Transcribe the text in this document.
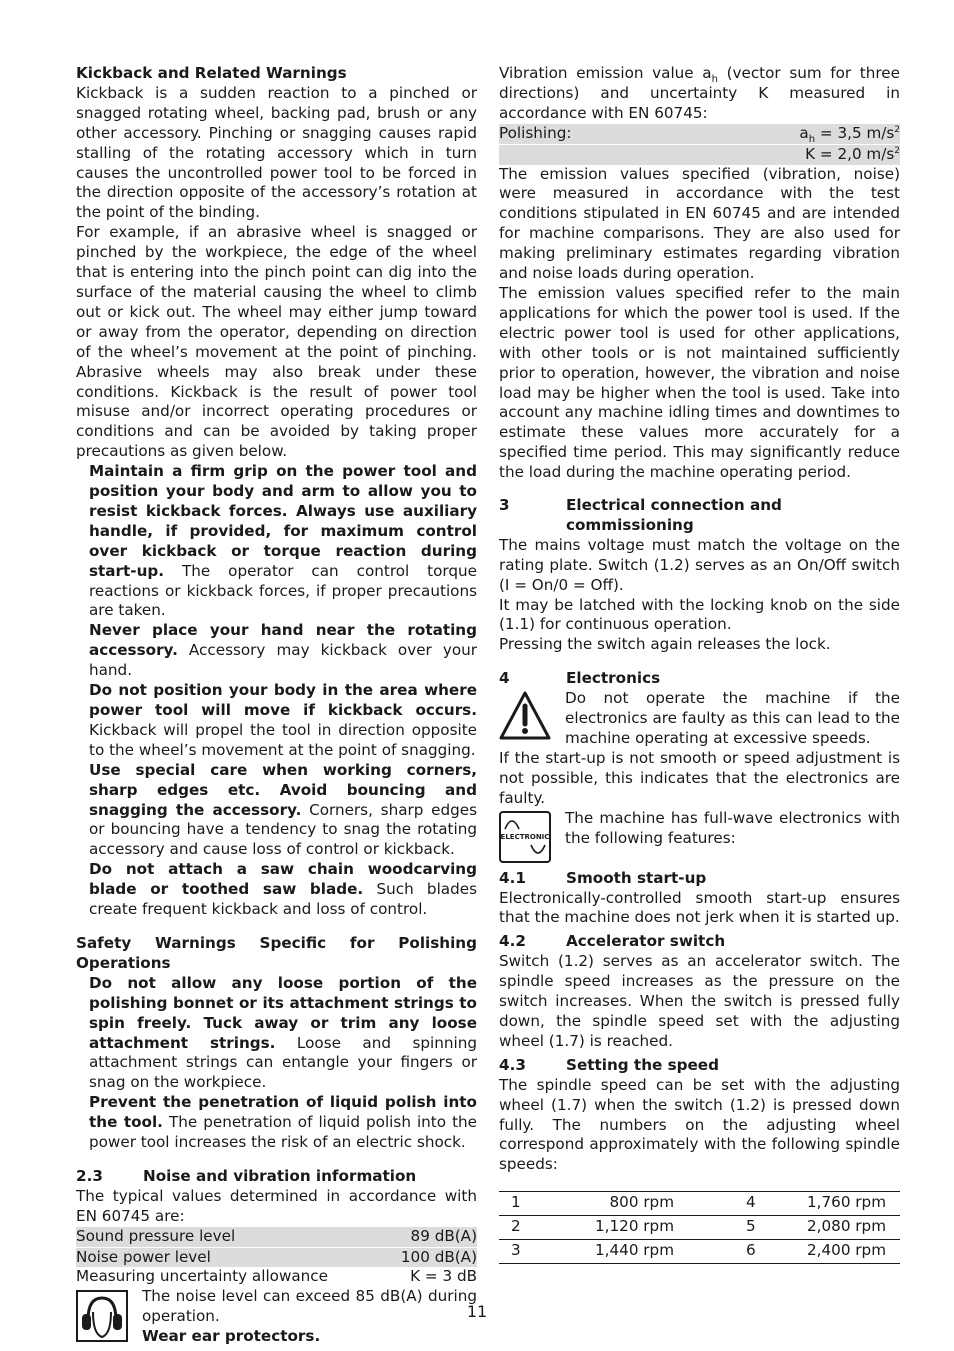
Kickback and Related Warnings

Kickback is a sudden reaction to a pinched or snagged rotating wheel, backing pad, brush or any other accessory. Pinching or snagging causes rapid stalling of the rotating accessory which in turn causes the uncontrolled power tool to be forced in the direction opposite of the accessory’s rotation at the point of the binding.

For example, if an abrasive wheel is snagged or pinched by the workpiece, the edge of the wheel that is entering into the pinch point can dig into the surface of the material causing the wheel to climb out or kick out. The wheel may either jump toward or away from the operator, depending on direction of the wheel’s movement at the point of pinching. Abrasive wheels may also break under these conditions. Kickback is the result of power tool misuse and/or incorrect operating procedures or conditions and can be avoided by taking proper precautions as given below.

Maintain a firm grip on the power tool and position your body and arm to allow you to resist kickback forces. Always use auxiliary handle, if provided, for maximum control over kickback or torque reaction during start-up. The operator can control torque reactions or kickback forces, if proper precautions are taken.

Never place your hand near the rotating accessory. Accessory may kickback over your hand.

Do not position your body in the area where power tool will move if kickback occurs. Kickback will propel the tool in direction opposite to the wheel’s movement at the point of snagging.

Use special care when working corners, sharp edges etc. Avoid bouncing and snagging the accessory. Corners, sharp edges or bouncing have a tendency to snag the rotating accessory and cause loss of control or kickback.

Do not attach a saw chain woodcarving blade or toothed saw blade. Such blades create frequent kickback and loss of control.

Safety Warnings Specific for Polishing Operations

Do not allow any loose portion of the polishing bonnet or its attachment strings to spin freely. Tuck away or trim any loose attachment strings. Loose and spinning attachment strings can entangle your fingers or snag on the workpiece.

Prevent the penetration of liquid polish into the tool. The penetration of liquid polish into the power tool increases the risk of an electric shock.

2.3	Noise and vibration information

The typical values determined in accordance with EN 60745 are:

Sound pressure level	89 dB(A)
Noise power level	100 dB(A)
Measuring uncertainty allowance	K = 3 dB

The noise level can exceed 85 dB(A) during operation.

Wear ear protectors.

Vibration emission value $a_h$ (vector sum for three directions) and uncertainty K measured in accordance with EN 60745:

Polishing:	$a_h = 3,5$ $m/s^2$
K = 2,0 $m/s^2$

The emission values specified (vibration, noise) were measured in accordance with the test conditions stipulated in EN 60745 and are intended for machine comparisons. They are also used for making preliminary estimates regarding vibration and noise loads during operation.

The emission values specified refer to the main applications for which the power tool is used. If the electric power tool is used for other applications, with other tools or is not maintained sufficiently prior to operation, however, the vibration and noise load may be higher when the tool is used. Take into account any machine idling times and downtimes to estimate these values more accurately for a specified time period. This may significantly reduce the load during the machine operating period.

3	Electrical connection and commissioning

The mains voltage must match the voltage on the rating plate. Switch (1.2) serves as an On/Off switch (I = On/0 = Off).

It may be latched with the locking knob on the side (1.1) for continuous operation.

Pressing the switch again releases the lock.

4	Electronics

Do not operate the machine if the electronics are faulty as this can lead to the machine operating at excessive speeds.

If the start-up is not smooth or speed adjustment is not possible, this indicates that the electronics are faulty.

ELECTRONIC

The machine has full-wave electronics with the following features:

4.1	Smooth start-up

Electronically-controlled smooth start-up ensures that the machine does not jerk when it is started up.

4.2	Accelerator switch

Switch (1.2) serves as an accelerator switch. The spindle speed increases as the pressure on the switch increases. When the switch is pressed fully down, the spindle speed set with the adjusting wheel (1.7) is reached.

4.3	Setting the speed

The spindle speed can be set with the adjusting wheel (1.7) when the switch (1.2) is pressed down fully. The numbers on the adjusting wheel correspond approximately with the following spindle speeds:

1	800 rpm	4	1,760 rpm
2	1,120 rpm	5	2,080 rpm
3	1,440 rpm	6	2,400 rpm
11
